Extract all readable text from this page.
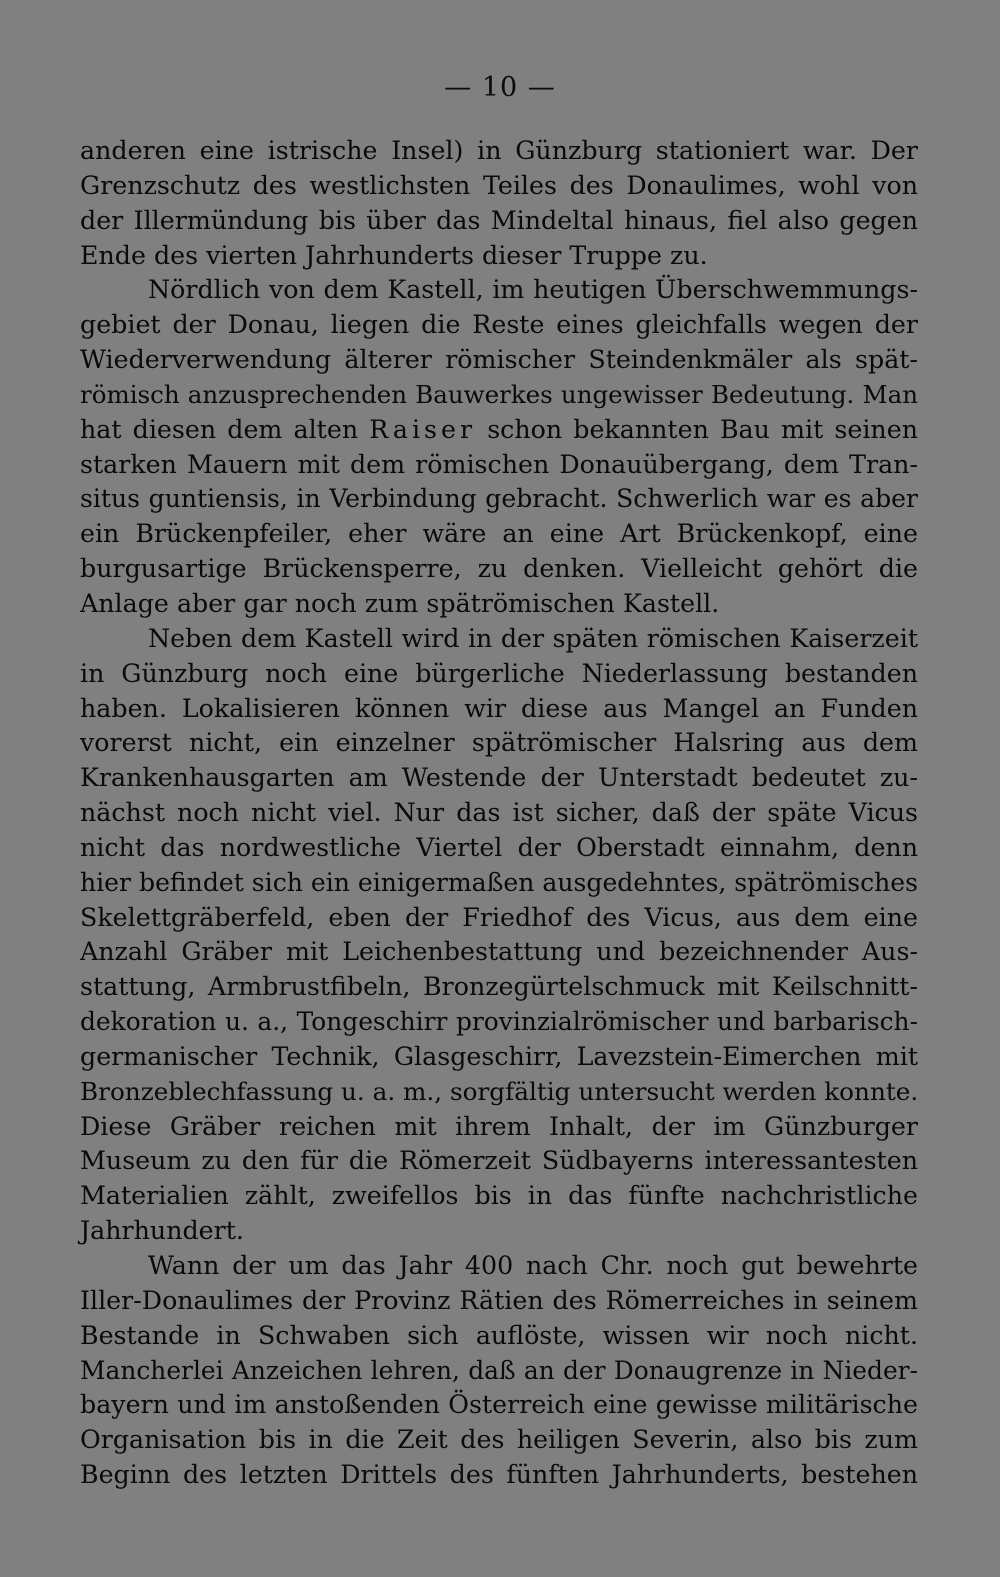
— 10 —
anderen eine istrische Insel) in Günzburg stationiert war. Der
Grenzschutz des westlichsten Teiles des Donaulimes, wohl von
der Illermündung bis über das Mindeltal hinaus, fiel also gegen
Ende des vierten Jahrhunderts dieser Truppe zu.
Nördlich von dem Kastell, im heutigen Überschwemmungs-
gebiet der Donau, liegen die Reste eines gleichfalls wegen der
Wiederverwendung älterer römischer Steindenkmäler als spät-
römisch anzusprechenden Bauwerkes ungewisser Bedeutung. Man
hat diesen dem alten Raiser schon bekannten Bau mit seinen
starken Mauern mit dem römischen Donauübergang, dem Tran-
situs guntiensis, in Verbindung gebracht. Schwerlich war es aber
ein Brückenpfeiler, eher wäre an eine Art Brückenkopf, eine
burgusartige Brückensperre, zu denken. Vielleicht gehört die
Anlage aber gar noch zum spätrömischen Kastell.
Neben dem Kastell wird in der späten römischen Kaiserzeit
in Günzburg noch eine bürgerliche Niederlassung bestanden
haben. Lokalisieren können wir diese aus Mangel an Funden
vorerst nicht, ein einzelner spätrömischer Halsring aus dem
Krankenhausgarten am Westende der Unterstadt bedeutet zu-
nächst noch nicht viel. Nur das ist sicher, daß der späte Vicus
nicht das nordwestliche Viertel der Oberstadt einnahm, denn
hier befindet sich ein einigermaßen ausgedehntes, spätrömisches
Skelettgräberfeld, eben der Friedhof des Vicus, aus dem eine
Anzahl Gräber mit Leichenbestattung und bezeichnender Aus-
stattung, Armbrustfibeln, Bronzegürtelschmuck mit Keilschnitt-
dekoration u. a., Tongeschirr provinzialrömischer und barbarisch-
germanischer Technik, Glasgeschirr, Lavezstein-Eimerchen mit
Bronzeblechfassung u. a. m., sorgfältig untersucht werden konnte.
Diese Gräber reichen mit ihrem Inhalt, der im Günzburger
Museum zu den für die Römerzeit Südbayerns interessantesten
Materialien zählt, zweifellos bis in das fünfte nachchristliche
Jahrhundert.
Wann der um das Jahr 400 nach Chr. noch gut bewehrte
Iller-Donaulimes der Provinz Rätien des Römerreiches in seinem
Bestande in Schwaben sich auflöste, wissen wir noch nicht.
Mancherlei Anzeichen lehren, daß an der Donaugrenze in Nieder-
bayern und im anstoßenden Österreich eine gewisse militärische
Organisation bis in die Zeit des heiligen Severin, also bis zum
Beginn des letzten Drittels des fünften Jahrhunderts, bestehen
